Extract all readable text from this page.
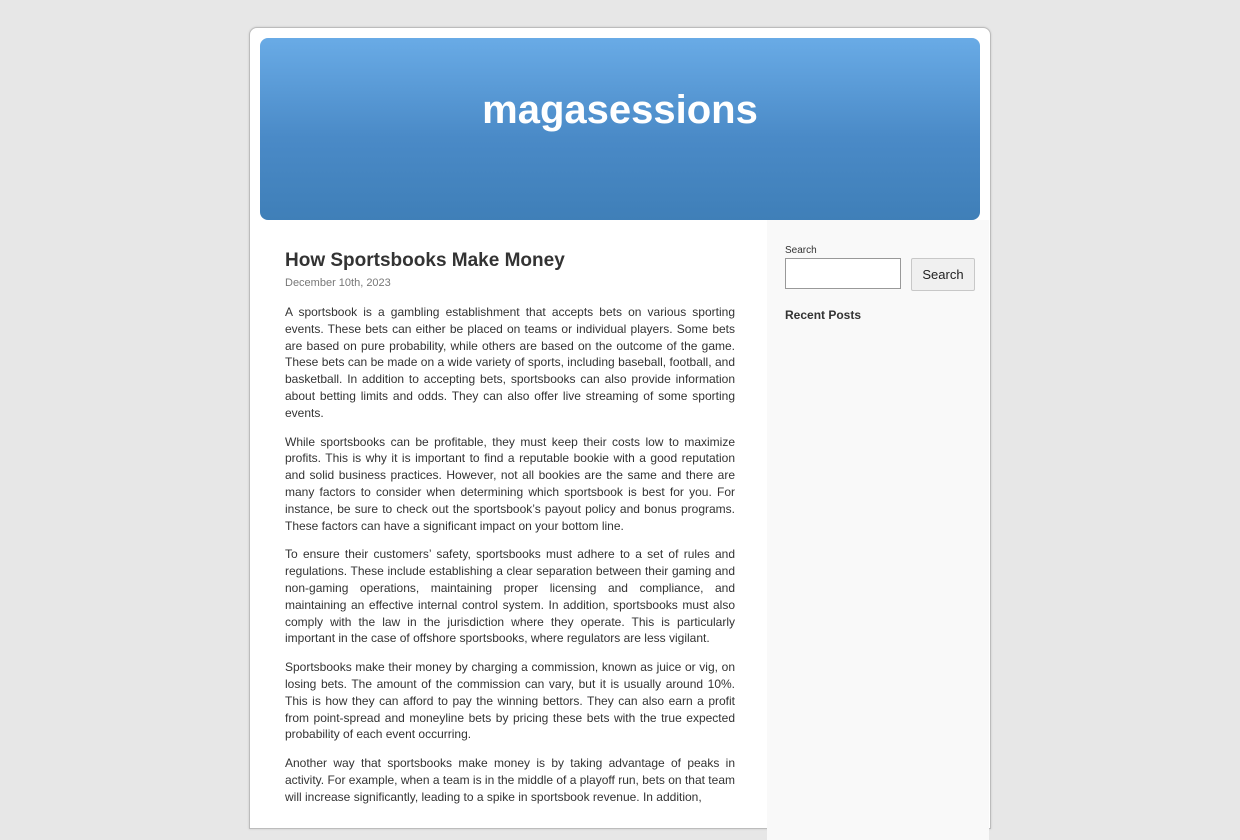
magasessions
How Sportsbooks Make Money
December 10th, 2023

A sportsbook is a gambling establishment that accepts bets on various sporting events. These bets can either be placed on teams or individual players. Some bets are based on pure probability, while others are based on the outcome of the game. These bets can be made on a wide variety of sports, including baseball, football, and basketball. In addition to accepting bets, sportsbooks can also provide information about betting limits and odds. They can also offer live streaming of some sporting events.

While sportsbooks can be profitable, they must keep their costs low to maximize profits. This is why it is important to find a reputable bookie with a good reputation and solid business practices. However, not all bookies are the same and there are many factors to consider when determining which sportsbook is best for you. For instance, be sure to check out the sportsbook’s payout policy and bonus programs. These factors can have a significant impact on your bottom line.

To ensure their customers’ safety, sportsbooks must adhere to a set of rules and regulations. These include establishing a clear separation between their gaming and non-gaming operations, maintaining proper licensing and compliance, and maintaining an effective internal control system. In addition, sportsbooks must also comply with the law in the jurisdiction where they operate. This is particularly important in the case of offshore sportsbooks, where regulators are less vigilant.

Sportsbooks make their money by charging a commission, known as juice or vig, on losing bets. The amount of the commission can vary, but it is usually around 10%. This is how they can afford to pay the winning bettors. They can also earn a profit from point-spread and moneyline bets by pricing these bets with the true expected probability of each event occurring.

Another way that sportsbooks make money is by taking advantage of peaks in activity. For example, when a team is in the middle of a playoff run, bets on that team will increase significantly, leading to a spike in sportsbook revenue. In addition,

Search
Search
Recent Posts
